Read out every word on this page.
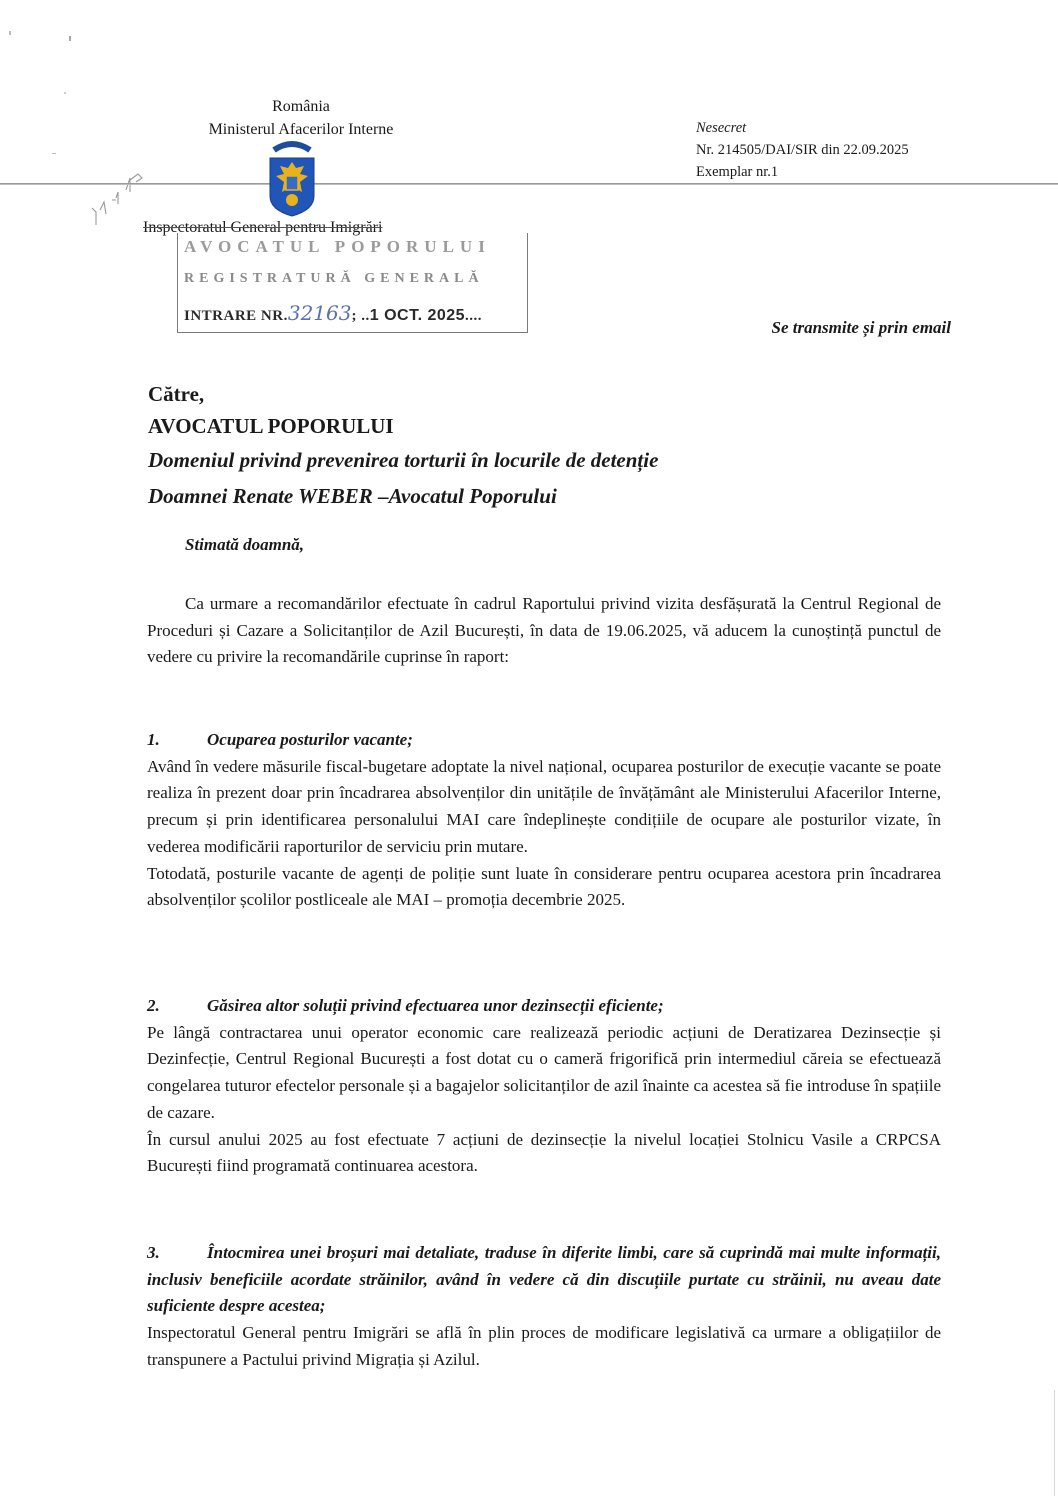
România
Ministerul Afacerilor Interne
Inspectoratul General pentru Imigrări
AVOCATUL POPORULUI
REGISTRATURĂ GENERALĂ
INTRARE NR.32163; ..1 OCT. 2025....
Nesecret
Nr. 214505/DAI/SIR din 22.09.2025
Exemplar nr.1
Se transmite și prin email
Către,
AVOCATUL POPORULUI
Domeniul privind prevenirea torturii în locurile de detenție
Doamnei Renate WEBER –Avocatul Poporului
Stimată doamnă,
Ca urmare a recomandărilor efectuate în cadrul Raportului privind vizita desfășurată la Centrul Regional de Proceduri și Cazare a Solicitanților de Azil București, în data de 19.06.2025, vă aducem la cunoștință punctul de vedere cu privire la recomandările cuprinse în raport:
1.	Ocuparea posturilor vacante;
Având în vedere măsurile fiscal-bugetare adoptate la nivel național, ocuparea posturilor de execuție vacante se poate realiza în prezent doar prin încadrarea absolvenților din unitățile de învățământ ale Ministerului Afacerilor Interne, precum și prin identificarea personalului MAI care îndeplinește condițiile de ocupare ale posturilor vizate, în vederea modificării raporturilor de serviciu prin mutare.
Totodată, posturile vacante de agenți de poliție sunt luate în considerare pentru ocuparea acestora prin încadrarea absolvenților școlilor postliceale ale MAI – promoția decembrie 2025.
2.	Găsirea altor soluții privind efectuarea unor dezinsecții eficiente;
Pe lângă contractarea unui operator economic care realizează periodic acțiuni de Deratizarea Dezinsecție și Dezinfecție, Centrul Regional București a fost dotat cu o cameră frigorifică prin intermediul căreia se efectuează congelarea tuturor efectelor personale și a bagajelor solicitanților de azil înainte ca acestea să fie introduse în spațiile de cazare.
În cursul anului 2025 au fost efectuate 7 acțiuni de dezinsecție la nivelul locației Stolnicu Vasile a CRPCSA București fiind programată continuarea acestora.
3.	Întocmirea unei broșuri mai detaliate, traduse în diferite limbi, care să cuprindă mai multe informații, inclusiv beneficiile acordate străinilor, având în vedere că din discuțiile purtate cu străinii, nu aveau date suficiente despre acestea;
Inspectoratul General pentru Imigrări se află în plin proces de modificare legislativă ca urmare a obligațiilor de transpunere a Pactului privind Migrația și Azilul.
